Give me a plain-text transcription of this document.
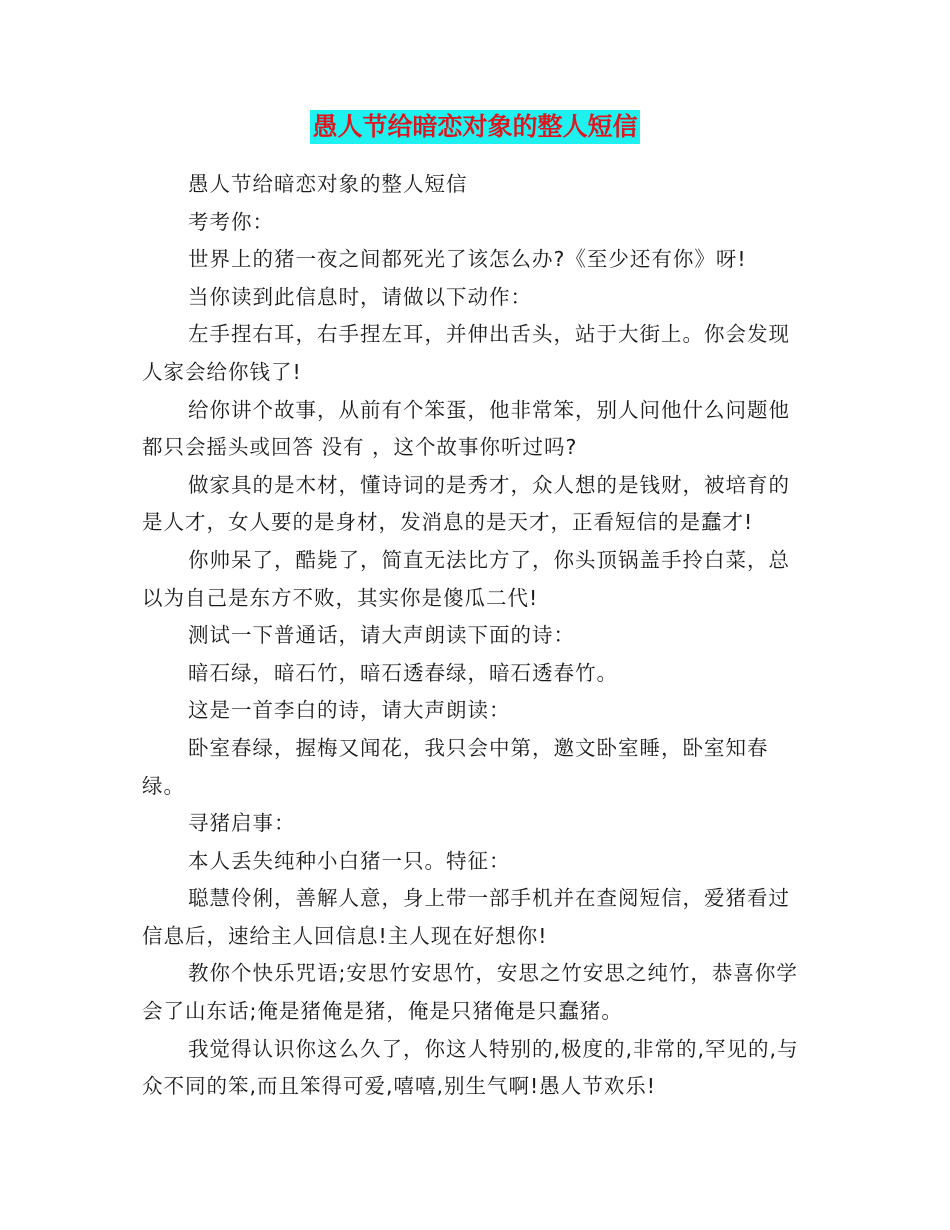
愚人节给暗恋对象的整人短信

愚人节给暗恋对象的整人短信

考考你：

世界上的猪一夜之间都死光了该怎么办?《至少还有你》呀!

当你读到此信息时，请做以下动作：

左手捏右耳，右手捏左耳，并伸出舌头，站于大街上。你会发现人家会给你钱了!

给你讲个故事，从前有个笨蛋，他非常笨，别人问他什么问题他都只会摇头或回答 没有 ，这个故事你听过吗?

做家具的是木材，懂诗词的是秀才，众人想的是钱财，被培育的是人才，女人要的是身材，发消息的是天才，正看短信的是蠢才!

你帅呆了，酷毙了，简直无法比方了，你头顶锅盖手拎白菜，总以为自己是东方不败，其实你是傻瓜二代!

测试一下普通话，请大声朗读下面的诗：

暗石绿，暗石竹，暗石透春绿，暗石透春竹。

这是一首李白的诗，请大声朗读：

卧室春绿，握梅又闻花，我只会中第，邀文卧室睡，卧室知春绿。

寻猪启事：

本人丢失纯种小白猪一只。特征：

聪慧伶俐，善解人意，身上带一部手机并在查阅短信，爱猪看过信息后，速给主人回信息!主人现在好想你!

教你个快乐咒语;安思竹安思竹，安思之竹安思之纯竹，恭喜你学会了山东话;俺是猪俺是猪，俺是只猪俺是只蠢猪。

我觉得认识你这么久了，你这人特别的,极度的,非常的,罕见的,与众不同的笨,而且笨得可爱,嘻嘻,别生气啊!愚人节欢乐!
